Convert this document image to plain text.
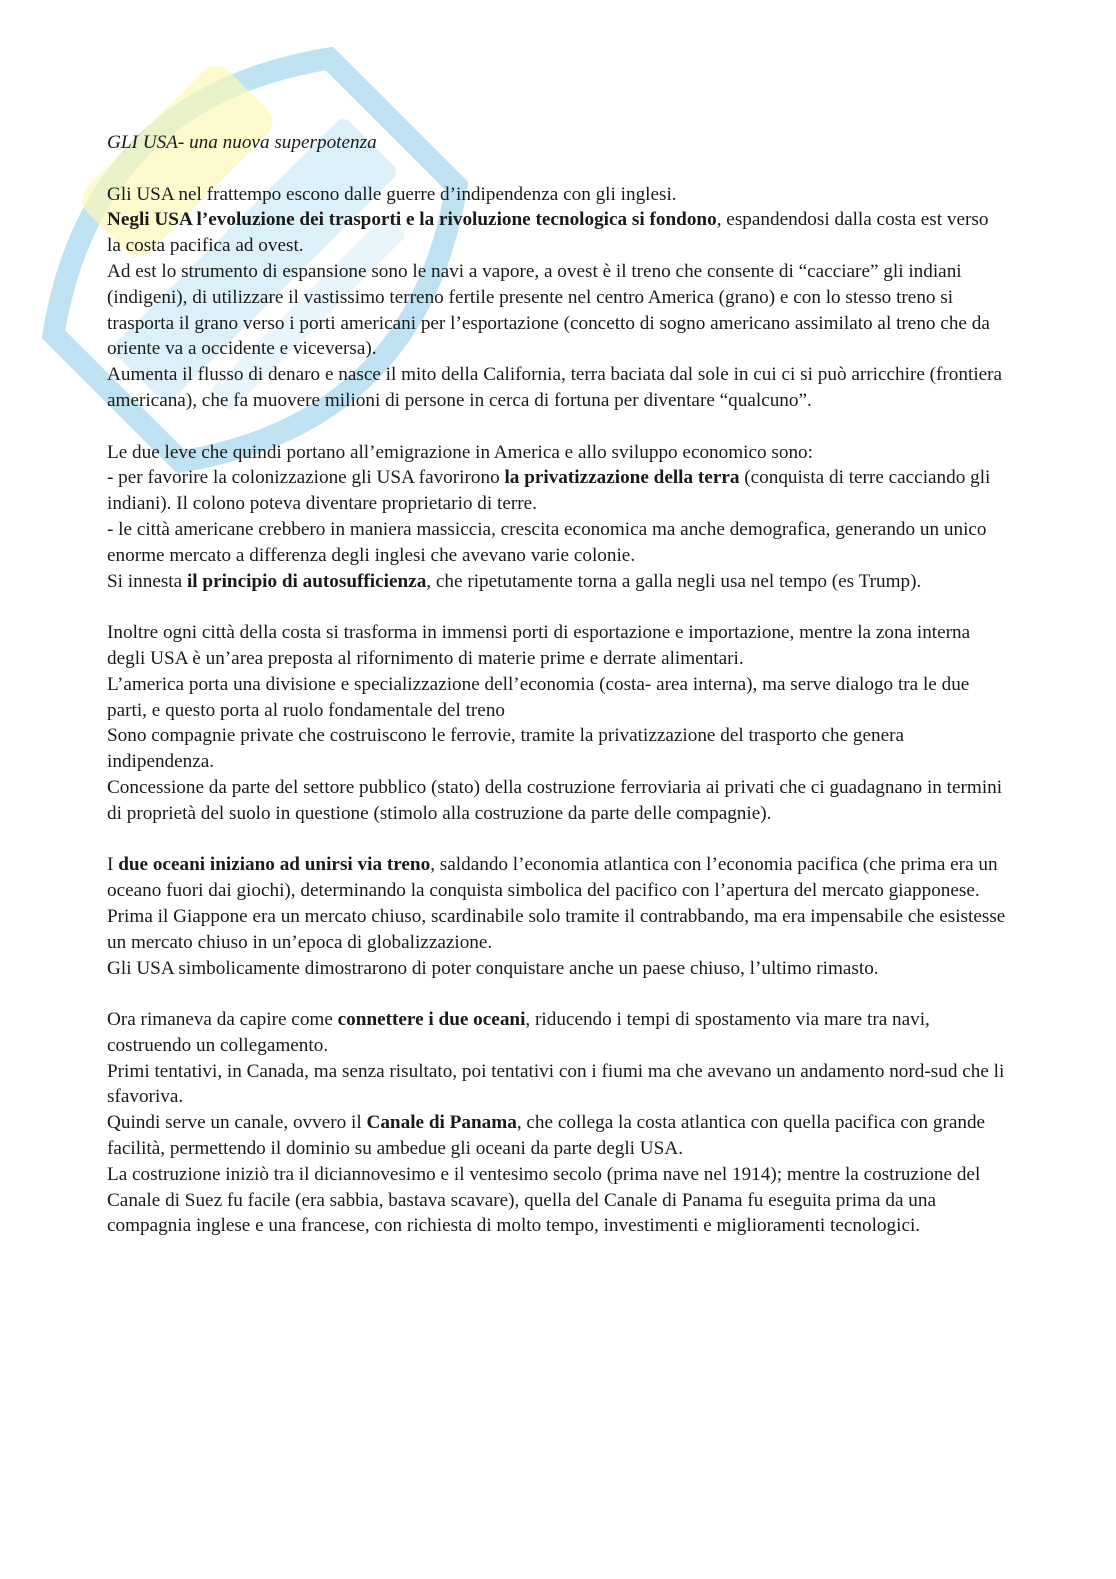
GLI USA- una nuova superpotenza

Gli USA nel frattempo escono dalle guerre d’indipendenza con gli inglesi.

Negli USA l’evoluzione dei trasporti e la rivoluzione tecnologica si fondono, espandendosi dalla costa est verso la costa pacifica ad ovest.

Ad est lo strumento di espansione sono le navi a vapore, a ovest è il treno che consente di “cacciare” gli indiani (indigeni), di utilizzare il vastissimo terreno fertile presente nel centro America (grano) e con lo stesso treno si trasporta il grano verso i porti americani per l’esportazione (concetto di sogno americano assimilato al treno che da oriente va a occidente e viceversa).

Aumenta il flusso di denaro e nasce il mito della California, terra baciata dal sole in cui ci si può arricchire (frontiera americana), che fa muovere milioni di persone in cerca di fortuna per diventare “qualcuno”.

Le due leve che quindi portano all’emigrazione in America e allo sviluppo economico sono:

- per favorire la colonizzazione gli USA favorirono la privatizzazione della terra (conquista di terre cacciando gli indiani). Il colono poteva diventare proprietario di terre.

- le città americane crebbero in maniera massiccia, crescita economica ma anche demografica, generando un unico enorme mercato a differenza degli inglesi che avevano varie colonie.

Si innesta il principio di autosufficienza, che ripetutamente torna a galla negli usa nel tempo (es Trump).

Inoltre ogni città della costa si trasforma in immensi porti di esportazione e importazione, mentre la zona interna degli USA è un’area preposta al rifornimento di materie prime e derrate alimentari.

L’america porta una divisione e specializzazione dell’economia (costa- area interna), ma serve dialogo tra le due parti, e questo porta al ruolo fondamentale del treno

Sono compagnie private che costruiscono le ferrovie, tramite la privatizzazione del trasporto che genera indipendenza.

Concessione da parte del settore pubblico (stato) della costruzione ferroviaria ai privati che ci guadagnano in termini di proprietà del suolo in questione (stimolo alla costruzione da parte delle compagnie).

I due oceani iniziano ad unirsi via treno, saldando l’economia atlantica con l’economia pacifica (che prima era un oceano fuori dai giochi), determinando la conquista simbolica del pacifico con l’apertura del mercato giapponese.

Prima il Giappone era un mercato chiuso, scardinabile solo tramite il contrabbando, ma era impensabile che esistesse un mercato chiuso in un’epoca di globalizzazione.

Gli USA simbolicamente dimostrarono di poter conquistare anche un paese chiuso, l’ultimo rimasto.

Ora rimaneva da capire come connettere i due oceani, riducendo i tempi di spostamento via mare tra navi, costruendo un collegamento.

Primi tentativi, in Canada, ma senza risultato, poi tentativi con i fiumi ma che avevano un andamento nord-sud che li sfavoriva.

Quindi serve un canale, ovvero il Canale di Panama, che collega la costa atlantica con quella pacifica con grande facilità, permettendo il dominio su ambedue gli oceani da parte degli USA.

La costruzione iniziò tra il diciannovesimo e il ventesimo secolo (prima nave nel 1914); mentre la costruzione del Canale di Suez fu facile (era sabbia, bastava scavare), quella del Canale di Panama fu eseguita prima da una compagnia inglese e una francese, con richiesta di molto tempo, investimenti e miglioramenti tecnologici.
